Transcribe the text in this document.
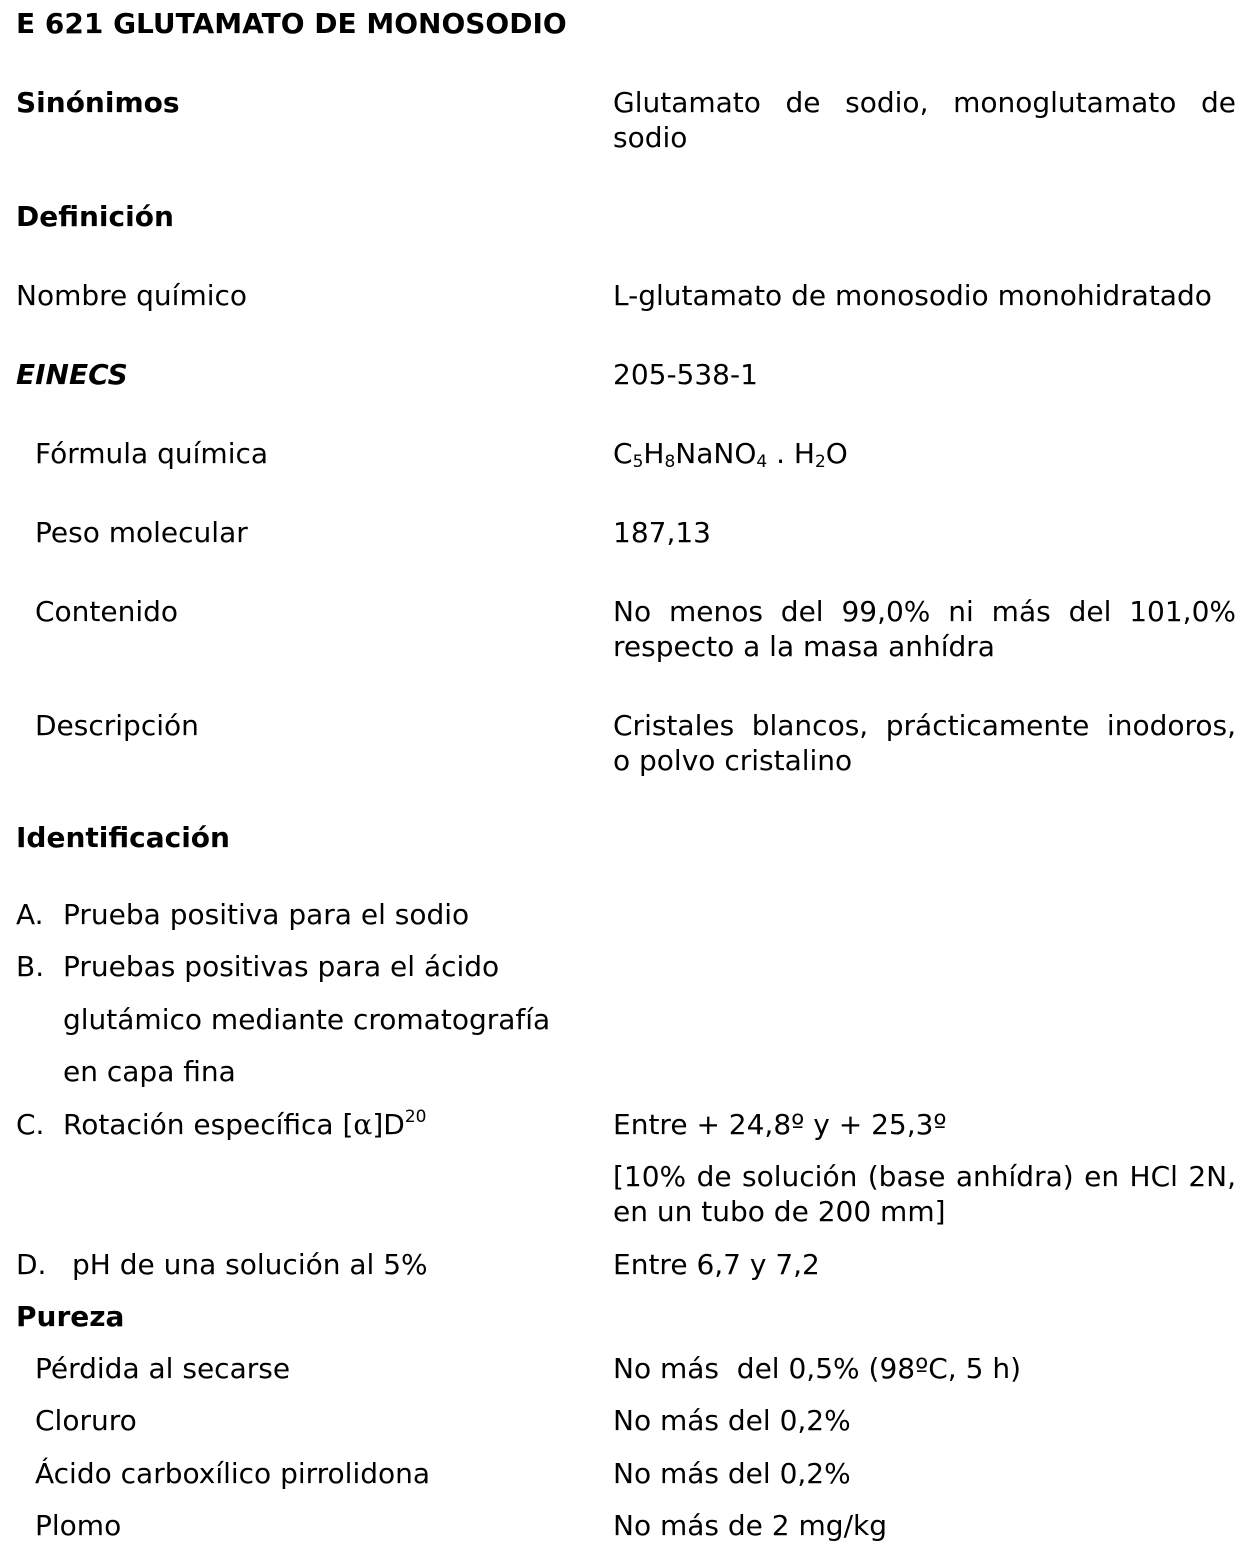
E 621 GLUTAMATO DE MONOSODIO
Sinónimos	Glutamato de sodio, monoglutamato de sodio
Definición
Nombre químico	L-glutamato de monosodio monohidratado
EINECS	205-538-1
Fórmula química	$C_5H_8NaNO_4$ . $H_2O$
Peso molecular	187,13
Contenido	No menos del 99,0% ni más del 101,0% respecto a la masa anhídra
Descripción	Cristales blancos, prácticamente inodoros, o polvo cristalino
Identificación
A. Prueba positiva para el sodio
B. Pruebas positivas para el ácido
glutámico mediante cromatografía
en capa fina
C. Rotación específica $[\alpha]D^{20}$	Entre + 24,8º y + 25,3º
[10% de solución (base anhídra) en HCl 2N, en un tubo de 200 mm]
D. pH de una solución al 5%	Entre 6,7 y 7,2
Pureza
Pérdida al secarse	No más  del 0,5% (98ºC, 5 h)
Cloruro	No más del 0,2%
Ácido carboxílico pirrolidona	No más del 0,2%
Plomo	No más de 2 mg/kg
